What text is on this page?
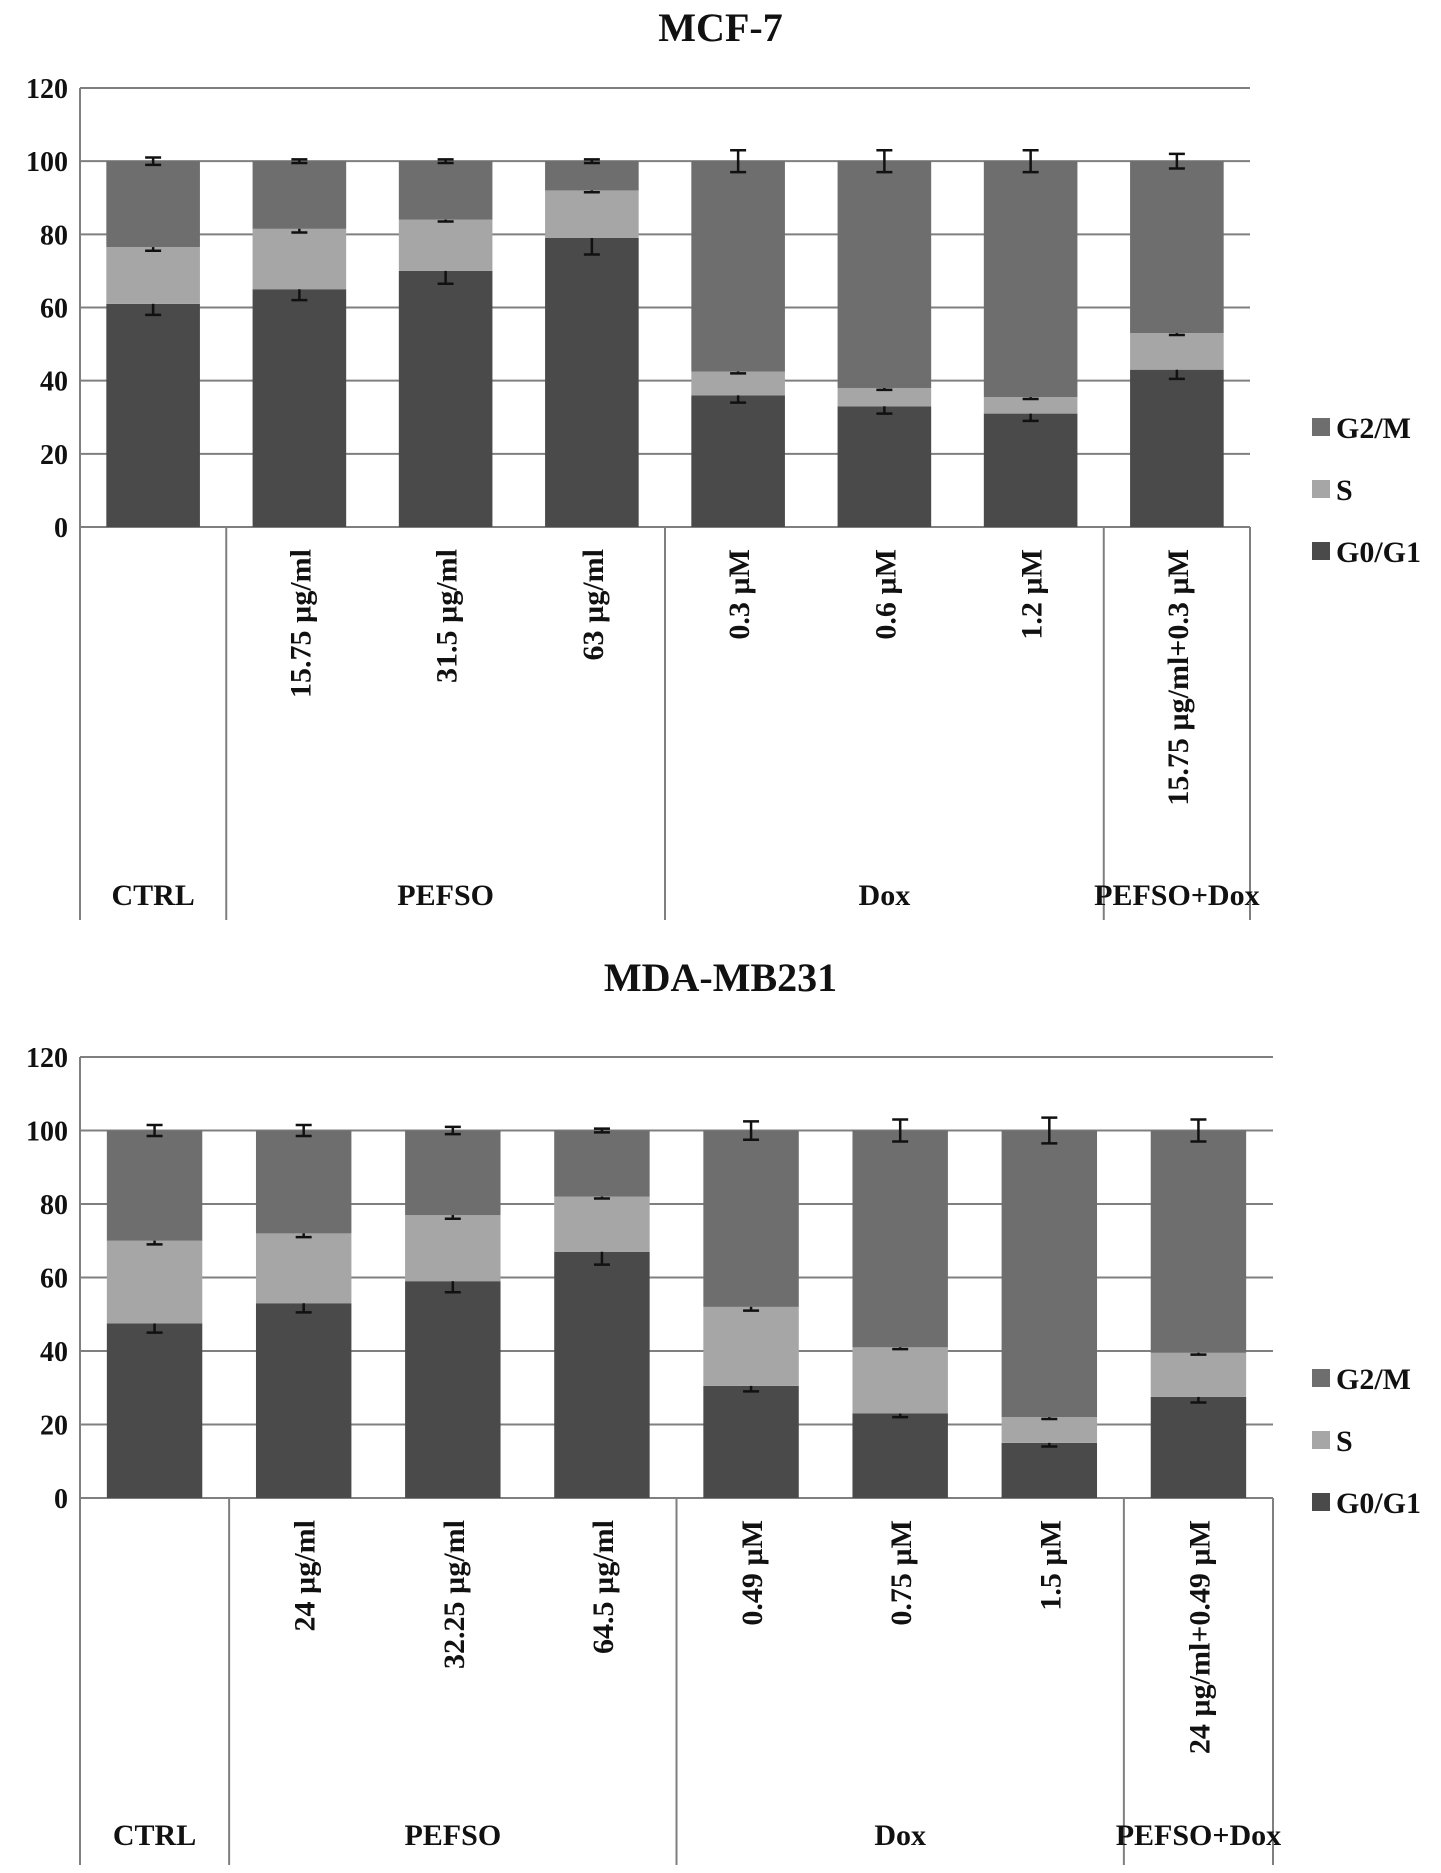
MCF-7
0
20
40
60
80
100
120
15.75 µg/ml	31.5 µg/ml	63 µg/ml	0.3 µM	0.6 µM	1.2 µM	15.75 µg/ml+0.3 µM
CTRL	PEFSO	Dox	PEFSO+Dox
G2/M
S
G0/G1
MDA-MB231
0
20
40
60
80
100
120
24 µg/ml	32.25 µg/ml	64.5 µg/ml	0.49 µM	0.75 µM	1.5 µM	24 µg/ml+0.49 µM
CTRL	PEFSO	Dox	PEFSO+Dox
G2/M
S
G0/G1
